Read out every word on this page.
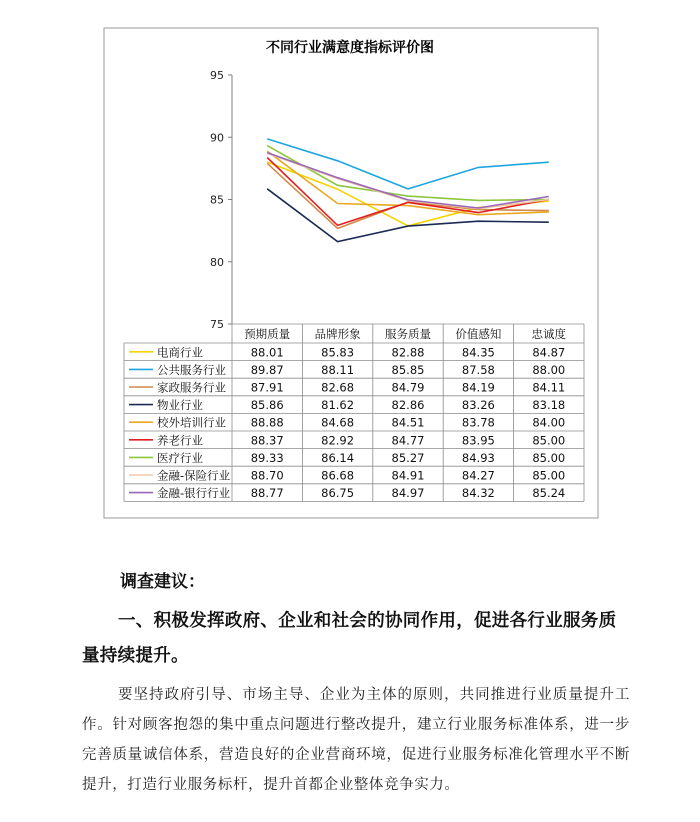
不同行业满意度指标评价图
75
80
85
90
95
预期质量 品牌形象 服务质量 价值感知	忠诚度
电商行业	88.01	85.83	82.88	84.35	84.87
公共服务行业 89.87	88.11	85.85	87.58	88.00
家政服务行业 87.91	82.68	84.79	84.19	84.11
物业行业	85.86	81.62	82.86	83.26	83.18
校外培训行业 88.88	84.68	84.51	83.78	84.00
养老行业	88.37	82.92	84.77	83.95	85.00
医疗行业	89.33	86.14	85.27	84.93	85.00
金融-保险行业 88.70	86.68	84.91	84.27	85.00
金融-银行行业 88.77	86.75	84.97	84.32	85.24

调查建议：

一、积极发挥政府、企业和社会的协同作用，促进各行业服务质量持续提升。

要坚持政府引导、市场主导、企业为主体的原则，共同推进行业质量提升工作。针对顾客抱怨的集中重点问题进行整改提升，建立行业服务标准体系，进一步完善质量诚信体系，营造良好的企业营商环境，促进行业服务标准化管理水平不断提升，打造行业服务标杆，提升首都企业整体竞争实力。
